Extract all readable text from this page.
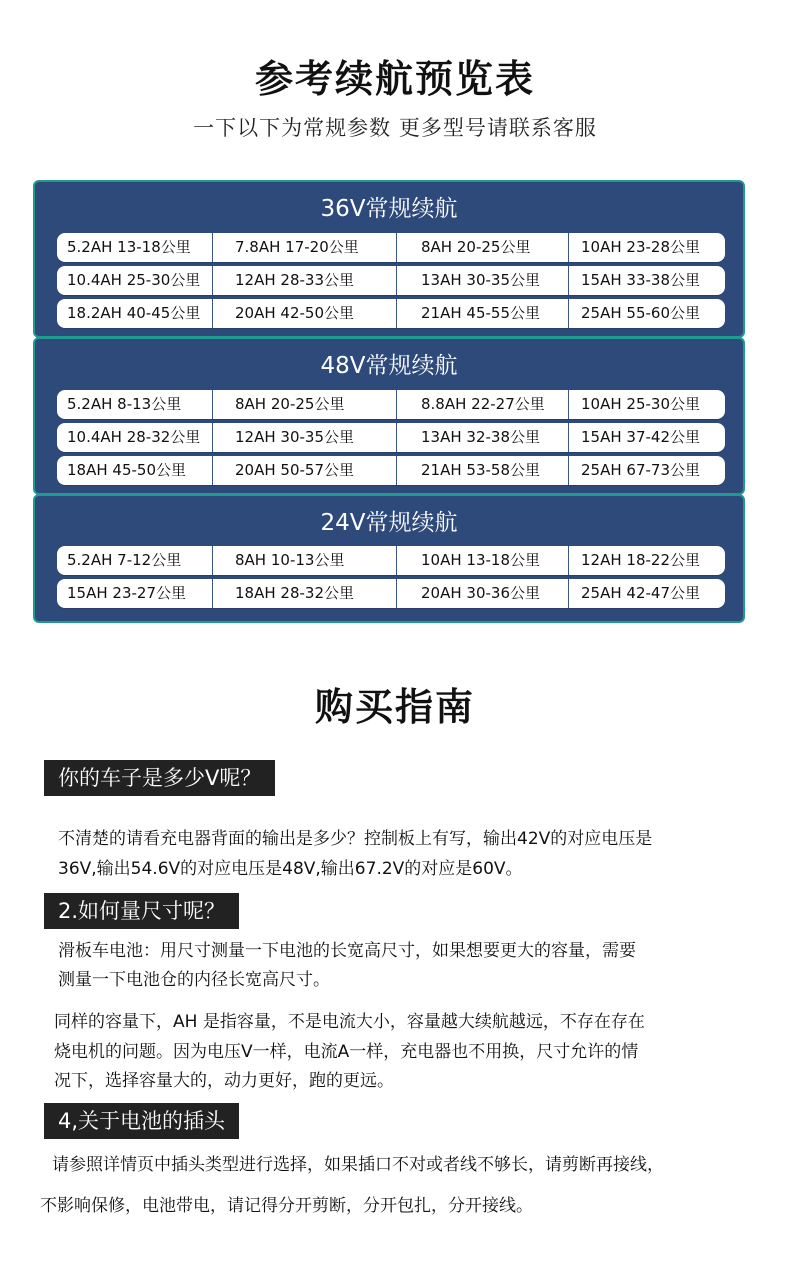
参考续航预览表
一下以下为常规参数 更多型号请联系客服
36V常规续航
5.2AH 13-18公里	7.8AH 17-20公里	8AH 20-25公里	10AH 23-28公里
10.4AH 25-30公里	12AH 28-33公里	13AH 30-35公里	15AH 33-38公里
18.2AH 40-45公里	20AH 42-50公里	21AH 45-55公里	25AH 55-60公里
48V常规续航
5.2AH 8-13公里	8AH 20-25公里	8.8AH 22-27公里	10AH 25-30公里
10.4AH 28-32公里	12AH 30-35公里	13AH 32-38公里	15AH 37-42公里
18AH 45-50公里	20AH 50-57公里	21AH 53-58公里	25AH 67-73公里
24V常规续航
5.2AH 7-12公里	8AH 10-13公里	10AH 13-18公里	12AH 18-22公里
15AH 23-27公里	18AH 28-32公里	20AH 30-36公里	25AH 42-47公里
购买指南
你的车子是多少V呢？
不清楚的请看充电器背面的输出是多少？控制板上有写，输出42V的对应电压是
36V,输出54.6V的对应电压是48V,输出67.2V的对应是60V。
2.如何量尺寸呢？
滑板车电池：用尺寸测量一下电池的长宽高尺寸，如果想要更大的容量，需要
测量一下电池仓的内径长宽高尺寸。
同样的容量下，AH 是指容量，不是电流大小，容量越大续航越远，不存在存在
烧电机的问题。因为电压V一样，电流A一样，充电器也不用换，尺寸允许的情
况下，选择容量大的，动力更好，跑的更远。
4,关于电池的插头
请参照详情页中插头类型进行选择，如果插口不对或者线不够长，请剪断再接线，
不影响保修，电池带电，请记得分开剪断，分开包扎，分开接线。
